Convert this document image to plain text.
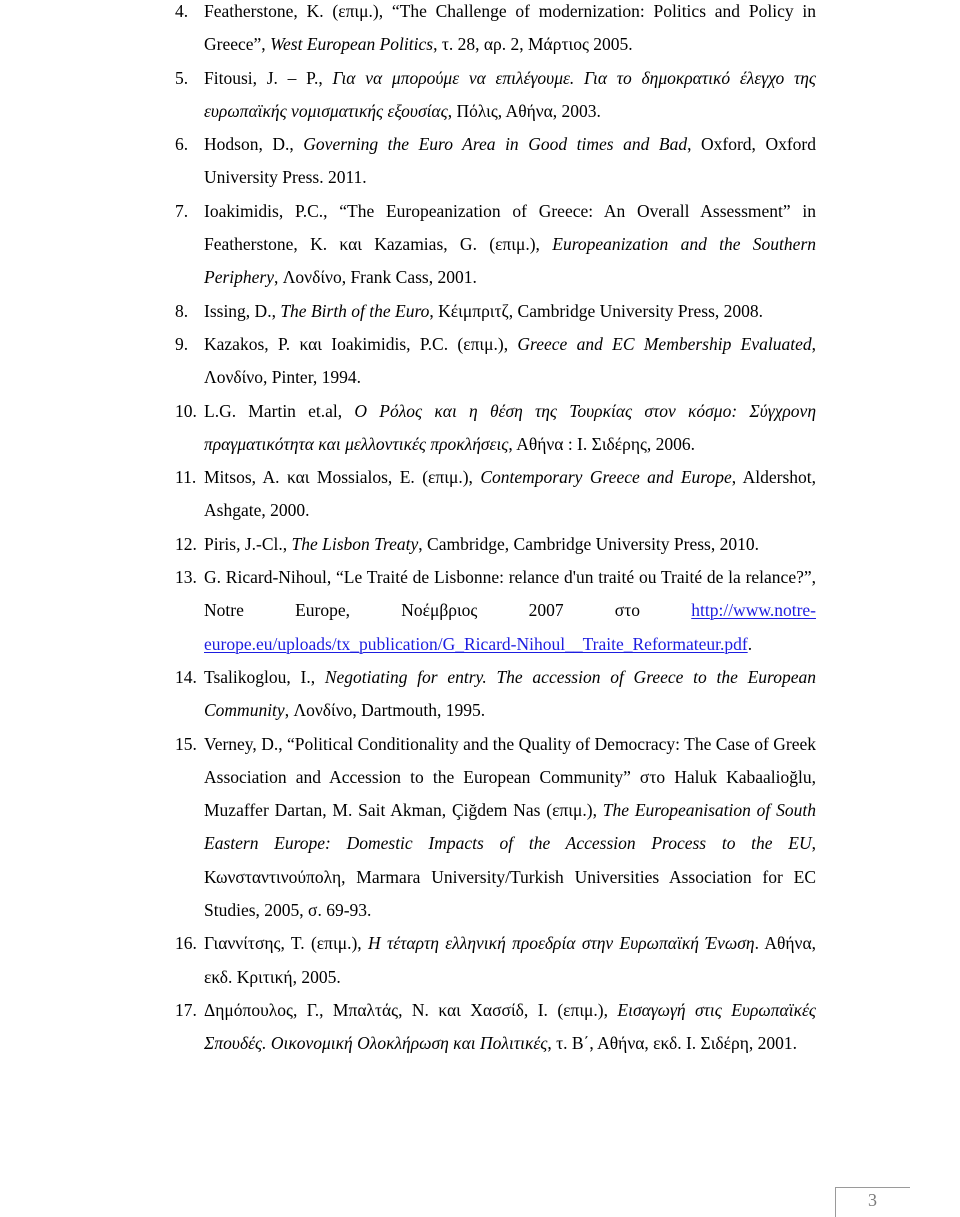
4. Featherstone, K. (επιμ.), “The Challenge of modernization: Politics and Policy in Greece”, West European Politics, τ. 28, αρ. 2, Μάρτιος 2005.
5. Fitousi, J. – P., Για να μπορούμε να επιλέγουμε. Για το δημοκρατικό έλεγχο της ευρωπαϊκής νομισματικής εξουσίας, Πόλις, Αθήνα, 2003.
6. Hodson, D., Governing the Euro Area in Good times and Bad, Oxford, Oxford University Press. 2011.
7. Ioakimidis, P.C., “The Europeanization of Greece: An Overall Assessment” in Featherstone, K. και Kazamias, G. (επιμ.), Europeanization and the Southern Periphery, Λονδίνο, Frank Cass, 2001.
8. Issing, D., The Birth of the Euro, Κέιμπριτζ, Cambridge University Press, 2008.
9. Kazakos, P. και Ioakimidis, P.C. (επιμ.), Greece and EC Membership Evaluated, Λονδίνο, Pinter, 1994.
10. L.G. Martin et.al, Ο Ρόλος και η θέση της Τουρκίας στον κόσμο: Σύγχρονη πραγματικότητα και μελλοντικές προκλήσεις, Αθήνα : Ι. Σιδέρης, 2006.
11. Mitsos, A. και Mossialos, E. (επιμ.), Contemporary Greece and Europe, Aldershot, Ashgate, 2000.
12. Piris, J.-Cl., The Lisbon Treaty, Cambridge, Cambridge University Press, 2010.
13. G. Ricard-Nihoul, “Le Traité de Lisbonne: relance d'un traité ou Traité de la relance?”, Notre Europe, Νοέμβριος 2007 στο http://www.notre-europe.eu/uploads/tx_publication/G_Ricard-Nihoul__Traite_Reformateur.pdf.
14. Tsalikoglou, I., Negotiating for entry. The accession of Greece to the European Community, Λονδίνο, Dartmouth, 1995.
15. Verney, D., “Political Conditionality and the Quality of Democracy: The Case of Greek Association and Accession to the European Community” στο Haluk Kabaalioğlu, Muzaffer Dartan, M. Sait Akman, Çiğdem Nas (επιμ.), The Europeanisation of South Eastern Europe: Domestic Impacts of the Accession Process to the EU, Κωνσταντινούπολη, Marmara University/Turkish Universities Association for EC Studies, 2005, σ. 69-93.
16. Γιαννίτσης, Τ. (επιμ.), Η τέταρτη ελληνική προεδρία στην Ευρωπαϊκή Ένωση. Αθήνα, εκδ. Κριτική, 2005.
17. Δημόπουλος, Γ., Μπαλτάς, Ν. και Χασσίδ, Ι. (επιμ.), Εισαγωγή στις Ευρωπαϊκές Σπουδές. Οικονομική Ολοκλήρωση και Πολιτικές, τ. Β΄, Αθήνα, εκδ. Ι. Σιδέρη, 2001.
3
